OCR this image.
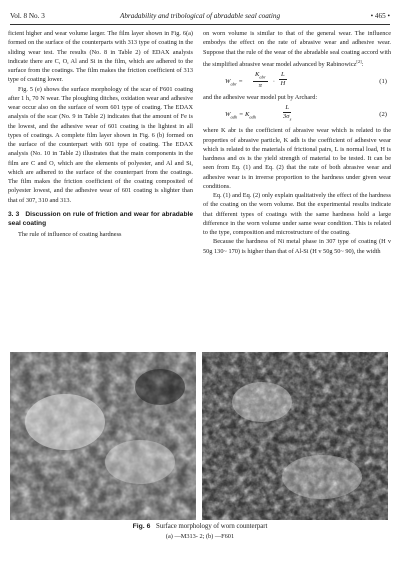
Vol. 8 No. 3	Abradability and tribological of abradable seal coating	• 465 •

ficient higher and wear volume larger. The film layer shown in Fig. 6(a) formed on the surface of the counterparts with 313 type of coating in the sliding wear test. The results (No. 8 in Table 2) of EDAX analysis indicate there are C, O, Al and Si in the film, which are adhered to the surface from the coatings. The film makes the friction coefficient of 313 type of coating lower.

Fig. 5 (e) shows the surface morphology of the scar of F601 coating after 1 h, 70 N wear. The ploughing ditches, oxidation wear and adhesive wear occur also on the surface of worn 601 type of coating. The EDAX analysis of the scar (No. 9 in Table 2) indicates that the amount of Fe is the lowest, and the adhesive wear of 601 coating is the lightest in all types of coatings. A complete film layer shown in Fig. 6 (b) formed on the surface of the counterpart with 601 type of coating. The EDAX analysis (No. 10 in Table 2) illustrates that the main components in the film are C and O, which are the elements of polyester, and Al and Si, which are adhered to the surface of the counterpart from the coatings. The film makes the friction coefficient of the coating composited of polyester lowest, and the adhesive wear of 601 coating is slighter than that of 307, 310 and 313.

3. 3 Discussion on rule of friction and wear for abradable seal coating

The rule of influence of coating hardness

on worn volume is similar to that of the general wear. The influence embodys the effect on the rate of abrasive wear and adhesive wear. Suppose that the rule of the wear of the abradable seal coating accord with the simplified abrasive wear model advanced by Rabinowicz[2]:

$W_{abr}$ =
$K_{abr}$
π
· $\frac{L}{H}$	(1)

and the adhesive wear model put by Archard:

$W_{adh} = K_{adh}$	$\frac{L}{3\sigma_s}$	(2)

where K abr is the coefficient of abrasive wear which is related to the properties of abrasive particle, K adh is the coefficient of adhesive wear which is related to the materials of frictional pairs, L is normal load, H is hardness and σs is the yield strength of material to be tested. It can be seen from Eq. (1) and Eq. (2) that the rate of both abrasive wear and adhesive wear is in inverse proportion to the hardness under given wear conditions.

Eq. (1) and Eq. (2) only explain qualitatively the effect of the hardness of the coating on the worn volume. But the experimental results indicate that different types of coatings with the same hardness hold a large difference in the worn volume under same wear condition. This is related to the type, composition and microstructure of the coating.

Because the hardness of Ni metal phase in 307 type of coating (H v 50g 130~ 170) is higher than that of Al-Si (H v 50g 50~ 90), the width

Fig. 6 Surface morphology of worn counterpart
(a) —M313- 2; (b) —F601
